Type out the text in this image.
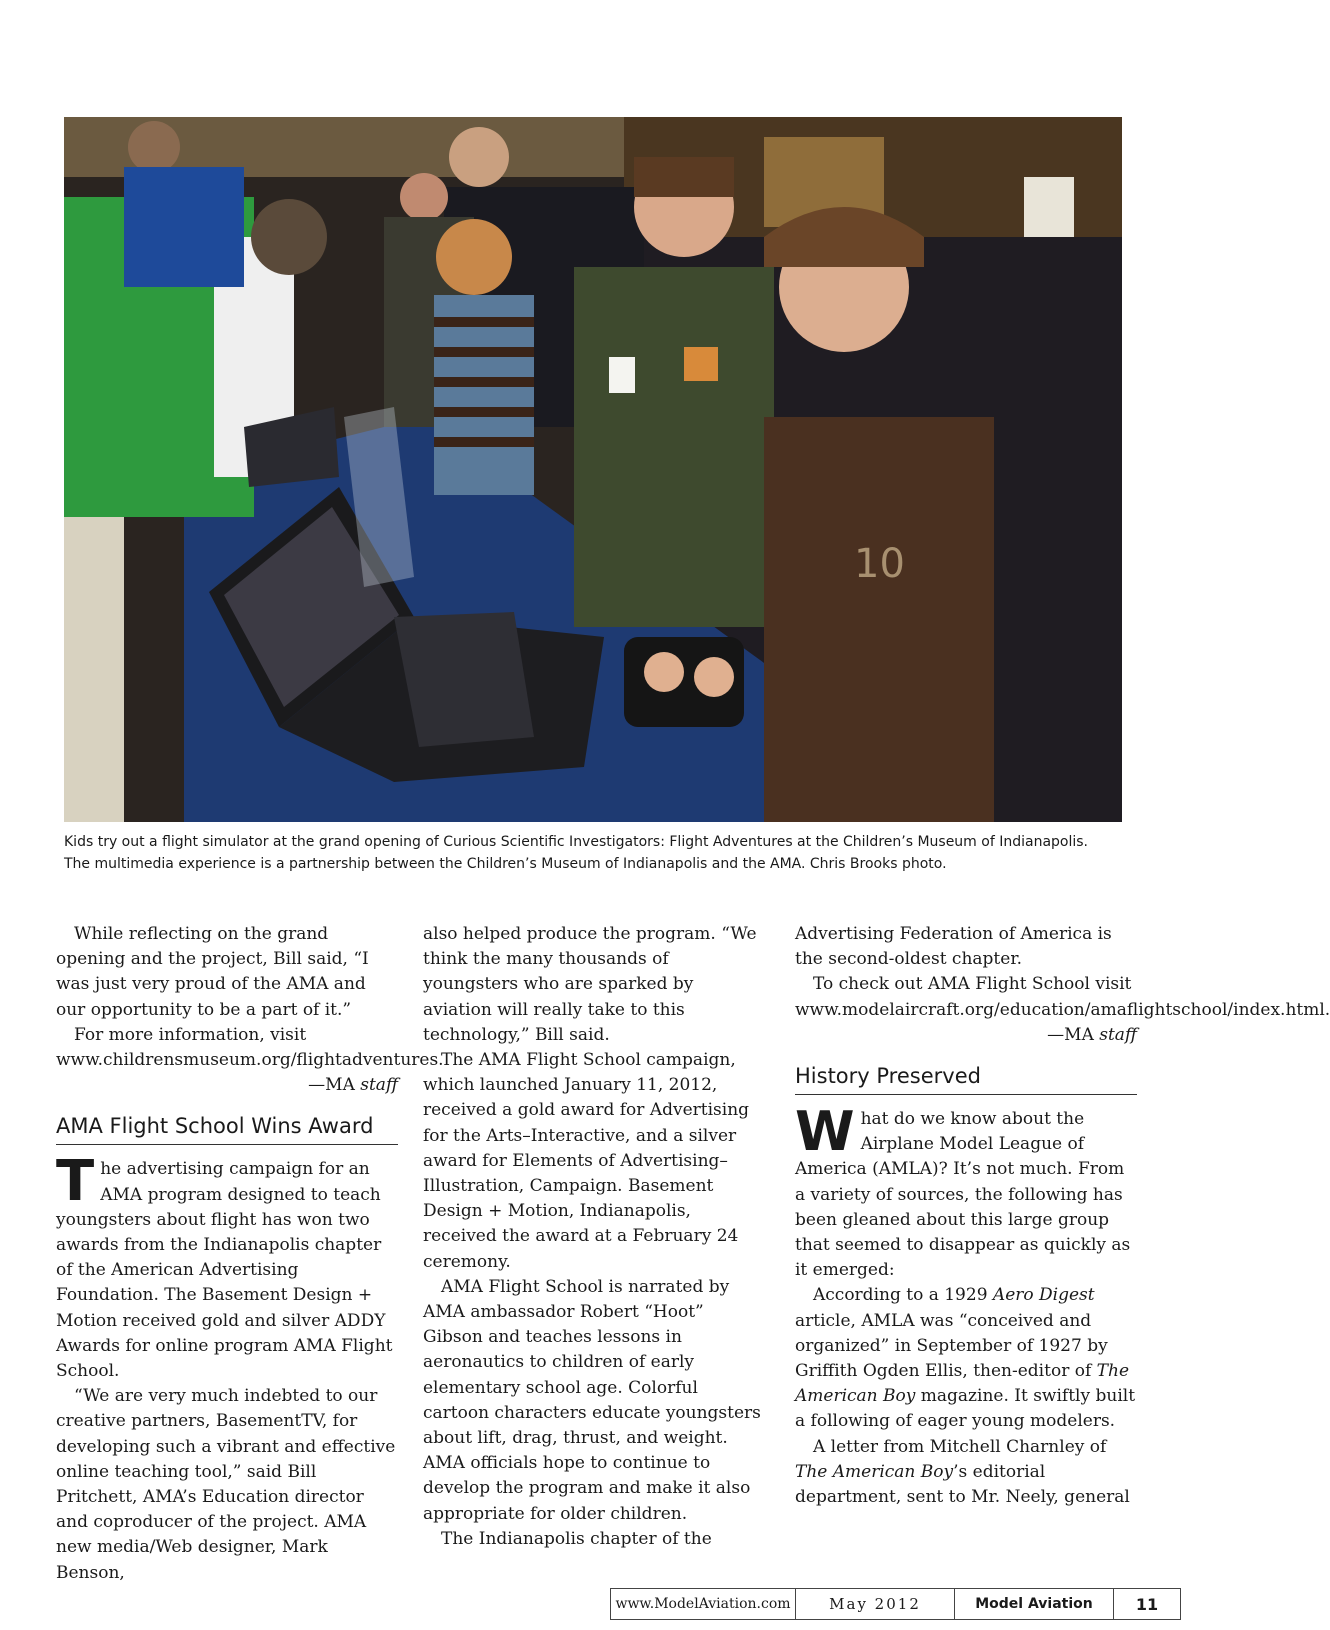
10

Kids try out a flight simulator at the grand opening of Curious Scientific Investigators: Flight Adventures at the Children’s Museum of Indianapolis.

The multimedia experience is a partnership between the Children’s Museum of Indianapolis and the AMA. Chris Brooks photo.

While reflecting on the grand opening and the project, Bill said, “I was just very proud of the AMA and our opportunity to be a part of it.”

For more information, visit www.childrensmuseum.org/flightadventures.

—MA staff

AMA Flight School Wins Award

The advertising campaign for an AMA program designed to teach youngsters about flight has won two awards from the Indianapolis chapter of the American Advertising Foundation. The Basement Design + Motion received gold and silver ADDY Awards for online program AMA Flight School.

“We are very much indebted to our creative partners, BasementTV, for developing such a vibrant and effective online teaching tool,” said Bill Pritchett, AMA’s Education director and coproducer of the project. AMA new media/Web designer, Mark Benson,

also helped produce the program. “We think the many thousands of youngsters who are sparked by aviation will really take to this technology,” Bill said.

The AMA Flight School campaign, which launched January 11, 2012, received a gold award for Advertising for the Arts–Interactive, and a silver award for Elements of Advertising–Illustration, Campaign. Basement Design + Motion, Indianapolis, received the award at a February 24 ceremony.

AMA Flight School is narrated by AMA ambassador Robert “Hoot” Gibson and teaches lessons in aeronautics to children of early elementary school age. Colorful cartoon characters educate youngsters about lift, drag, thrust, and weight. AMA officials hope to continue to develop the program and make it also appropriate for older children.

The Indianapolis chapter of the

Advertising Federation of America is the second-oldest chapter.

To check out AMA Flight School visit www.modelaircraft.org/education/amaflightschool/index.html.

—MA staff

History Preserved

What do we know about the Airplane Model League of America (AMLA)? It’s not much. From a variety of sources, the following has been gleaned about this large group that seemed to disappear as quickly as it emerged:

According to a 1929 Aero Digest article, AMLA was “conceived and organized” in September of 1927 by Griffith Ogden Ellis, then-editor of The American Boy magazine. It swiftly built a following of eager young modelers.

A letter from Mitchell Charnley of The American Boy’s editorial department, sent to Mr. Neely, general

www.ModelAviation.com	May 2012	Model Aviation	11
